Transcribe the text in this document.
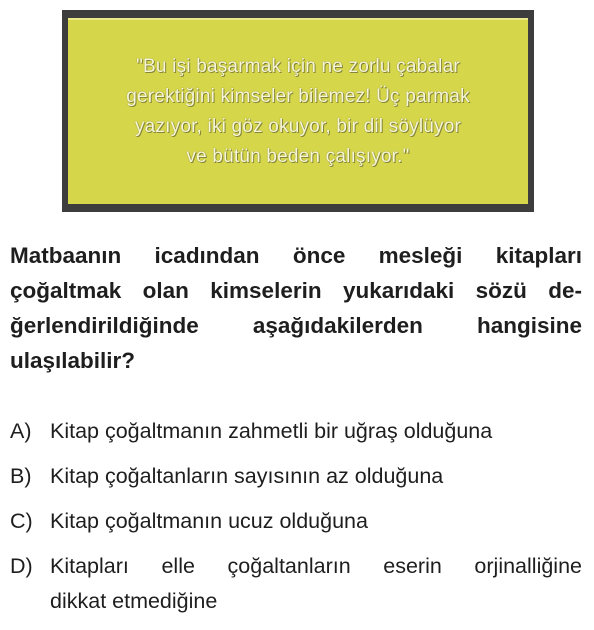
"Bu işi başarmak için ne zorlu çabalar
gerektiğini kimseler bilemez! Üç parmak
yazıyor, iki göz okuyor, bir dil söylüyor
ve bütün beden çalışıyor."
Matbaanın icadından önce mesleği kitapları
çoğaltmak olan kimselerin yukarıdaki sözü de-
ğerlendirildiğinde aşağıdakilerden hangisine
ulaşılabilir?
A) Kitap çoğaltmanın zahmetli bir uğraş olduğuna
B) Kitap çoğaltanların sayısının az olduğuna
C) Kitap çoğaltmanın ucuz olduğuna
D) Kitapları elle çoğaltanların eserin orjinalliğine
dikkat etmediğine
